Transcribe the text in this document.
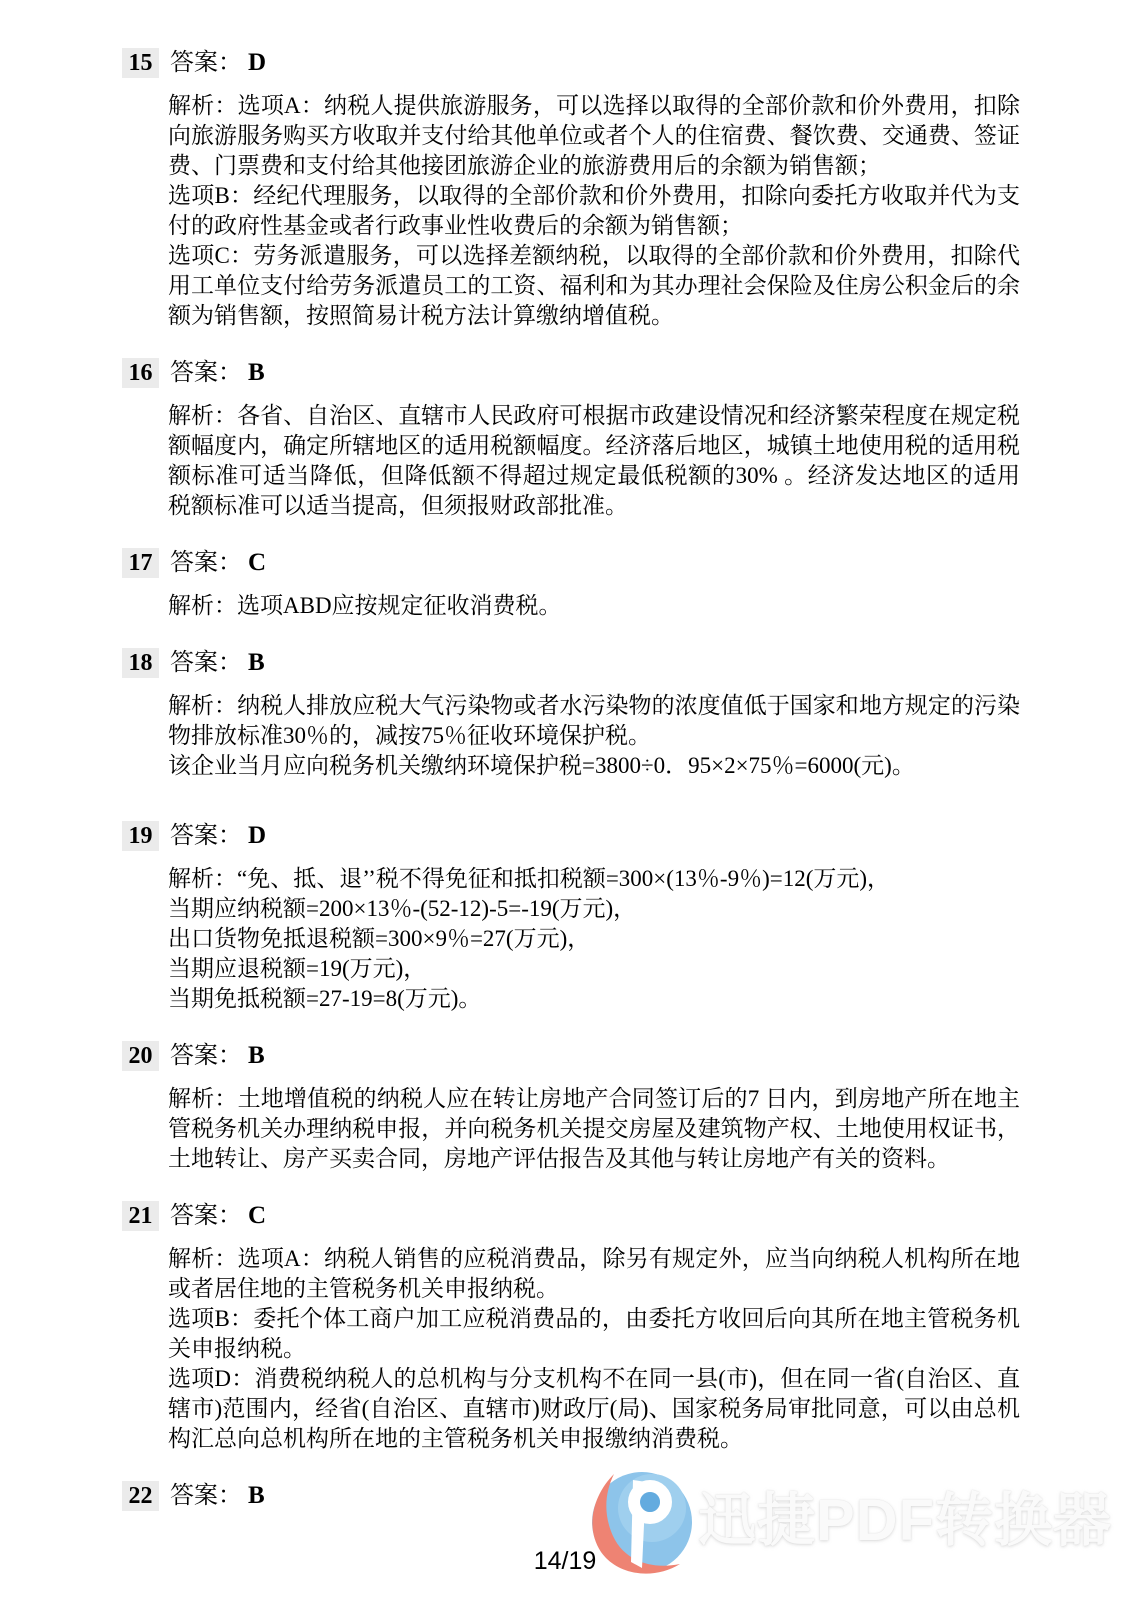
15 答案： D
解析：选项A：纳税人提供旅游服务，可以选择以取得的全部价款和价外费用，扣除向旅游服务购买方收取并支付给其他单位或者个人的住宿费、餐饮费、交通费、签证费、门票费和支付给其他接团旅游企业的旅游费用后的余额为销售额；
选项B：经纪代理服务，以取得的全部价款和价外费用，扣除向委托方收取并代为支付的政府性基金或者行政事业性收费后的余额为销售额；
选项C：劳务派遣服务，可以选择差额纳税，以取得的全部价款和价外费用，扣除代用工单位支付给劳务派遣员工的工资、福利和为其办理社会保险及住房公积金后的余额为销售额，按照简易计税方法计算缴纳增值税。
16 答案： B
解析：各省、自治区、直辖市人民政府可根据市政建设情况和经济繁荣程度在规定税额幅度内，确定所辖地区的适用税额幅度。经济落后地区，城镇土地使用税的适用税额标准可适当降低，但降低额不得超过规定最低税额的30% 。经济发达地区的适用税额标准可以适当提高，但须报财政部批准。
17 答案： C
解析：选项ABD应按规定征收消费税。
18 答案： B
解析：纳税人排放应税大气污染物或者水污染物的浓度值低于国家和地方规定的污染物排放标准30％的，减按75％征收环境保护税。
该企业当月应向税务机关缴纳环境保护税=3800÷0．95×2×75％=6000(元)。
19 答案： D
解析：“免、抵、退’’税不得免征和抵扣税额=300×(13％-9％)=12(万元)，
当期应纳税额=200×13％-(52-12)-5=-19(万元)，
出口货物免抵退税额=300×9％=27(万元)，
当期应退税额=19(万元)，
当期免抵税额=27-19=8(万元)。
20 答案： B
解析：土地增值税的纳税人应在转让房地产合同签订后的7 日内，到房地产所在地主管税务机关办理纳税申报，并向税务机关提交房屋及建筑物产权、土地使用权证书，土地转让、房产买卖合同，房地产评估报告及其他与转让房地产有关的资料。
21 答案： C
解析：选项A：纳税人销售的应税消费品，除另有规定外，应当向纳税人机构所在地或者居住地的主管税务机关申报纳税。
选项B：委托个体工商户加工应税消费品的，由委托方收回后向其所在地主管税务机关申报纳税。
选项D：消费税纳税人的总机构与分支机构不在同一县(市)，但在同一省(自治区、直辖市)范围内，经省(自治区、直辖市)财政厅(局)、国家税务局审批同意，可以由总机构汇总向总机构所在地的主管税务机关申报缴纳消费税。
22 答案： B
14/19
迅捷PDF转换器
